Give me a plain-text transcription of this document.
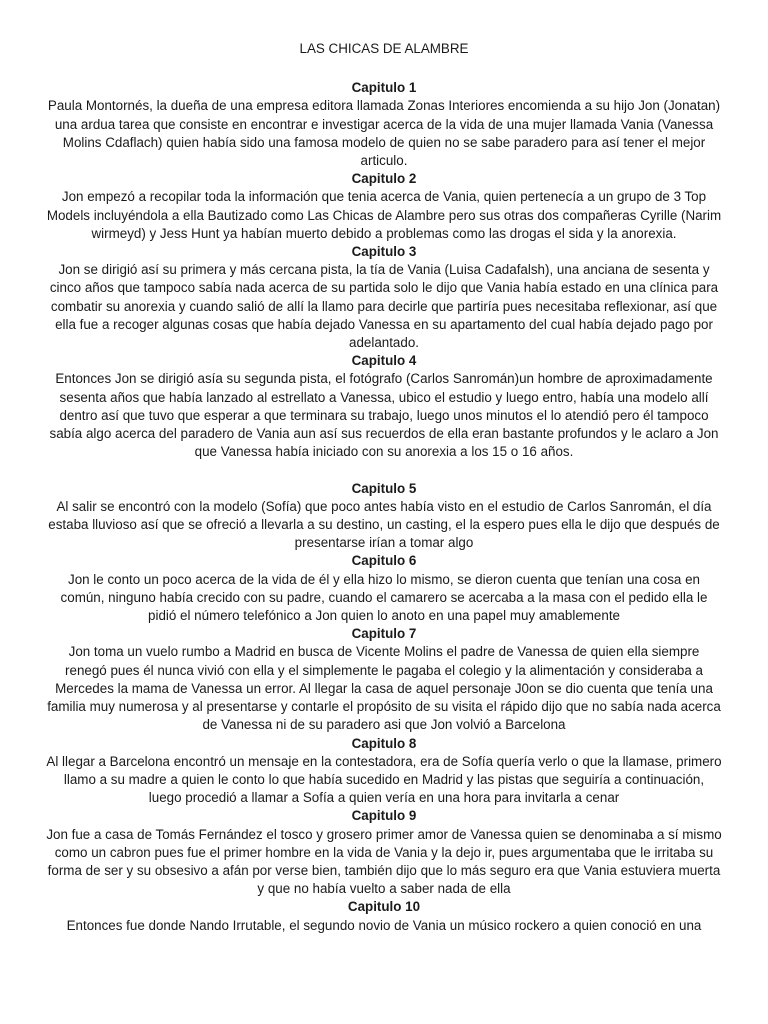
LAS CHICAS DE ALAMBRE

Capitulo 1

Paula Montornés, la dueña de una empresa editora llamada Zonas Interiores encomienda a su hijo Jon (Jonatan) una ardua tarea que consiste en encontrar e investigar acerca de la vida de una mujer llamada Vania (Vanessa Molins Cdaflach) quien había sido una famosa modelo de quien no se sabe paradero para así tener el mejor articulo.

Capitulo 2

Jon empezó a recopilar toda la información que tenia acerca de Vania, quien pertenecía a un grupo de 3 Top Models incluyéndola a ella Bautizado como Las Chicas de Alambre pero sus otras dos compañeras Cyrille (Narim wirmeyd) y Jess Hunt ya habían muerto debido a problemas como las drogas el sida y la anorexia.

Capitulo 3

Jon se dirigió así su primera y más cercana pista, la tía de Vania (Luisa Cadafalsh), una anciana de sesenta y cinco años que tampoco sabía nada acerca de su partida solo le dijo que Vania había estado en una clínica para combatir su anorexia y cuando salió de allí la llamo para decirle que partiría pues necesitaba reflexionar, así que ella fue a recoger algunas cosas que había dejado Vanessa en su apartamento del cual había dejado pago por adelantado.

Capitulo 4

Entonces Jon se dirigió asía su segunda pista, el fotógrafo (Carlos Sanromán)un hombre de aproximadamente sesenta años que había lanzado al estrellato a Vanessa, ubico el estudio y luego entro, había una modelo allí dentro así que tuvo que esperar a que terminara su trabajo, luego unos minutos el lo atendió pero él tampoco sabía algo acerca del paradero de Vania aun así sus recuerdos de ella eran bastante profundos y le aclaro a Jon que Vanessa había iniciado con su anorexia a los 15 o 16 años.

Capitulo 5

Al salir se encontró con la modelo (Sofía) que poco antes había visto en el estudio de Carlos Sanromán, el día estaba lluvioso así que se ofreció a llevarla a su destino, un casting, el la espero pues ella le dijo que después de presentarse irían a tomar algo

Capitulo 6

Jon le conto un poco acerca de la vida de él y ella hizo lo mismo, se dieron cuenta que tenían una cosa en común, ninguno había crecido con su padre, cuando el camarero se acercaba a la masa con el pedido ella le pidió el número telefónico a Jon quien lo anoto en una papel muy amablemente

Capitulo 7

Jon toma un vuelo rumbo a Madrid en busca de Vicente Molins el padre de Vanessa de quien ella siempre renegó pues él nunca vivió con ella y el simplemente le pagaba el colegio y la alimentación y consideraba a Mercedes la mama de Vanessa un error. Al llegar la casa de aquel personaje J0on se dio cuenta que tenía una familia muy numerosa y al presentarse y contarle el propósito de su visita el rápido dijo que no sabía nada acerca de Vanessa ni de su paradero asi que Jon volvió a Barcelona

Capitulo 8

Al llegar a Barcelona encontró un mensaje en la contestadora, era de Sofía quería verlo o que la llamase, primero llamo a su madre a quien le conto lo que había sucedido en Madrid y las pistas que seguiría a continuación, luego procedió a llamar a Sofía a quien vería en una hora para invitarla a cenar

Capitulo 9

Jon fue a casa de Tomás Fernández el tosco y grosero primer amor de Vanessa quien se denominaba a sí mismo como un cabron pues fue el primer hombre en la vida de Vania y la dejo ir, pues argumentaba que le irritaba su forma de ser y su obsesivo a afán por verse bien, también dijo que lo más seguro era que Vania estuviera muerta y que no había vuelto a saber nada de ella

Capitulo 10

Entonces fue donde Nando Irrutable, el segundo novio de Vania un músico rockero a quien conoció en una
